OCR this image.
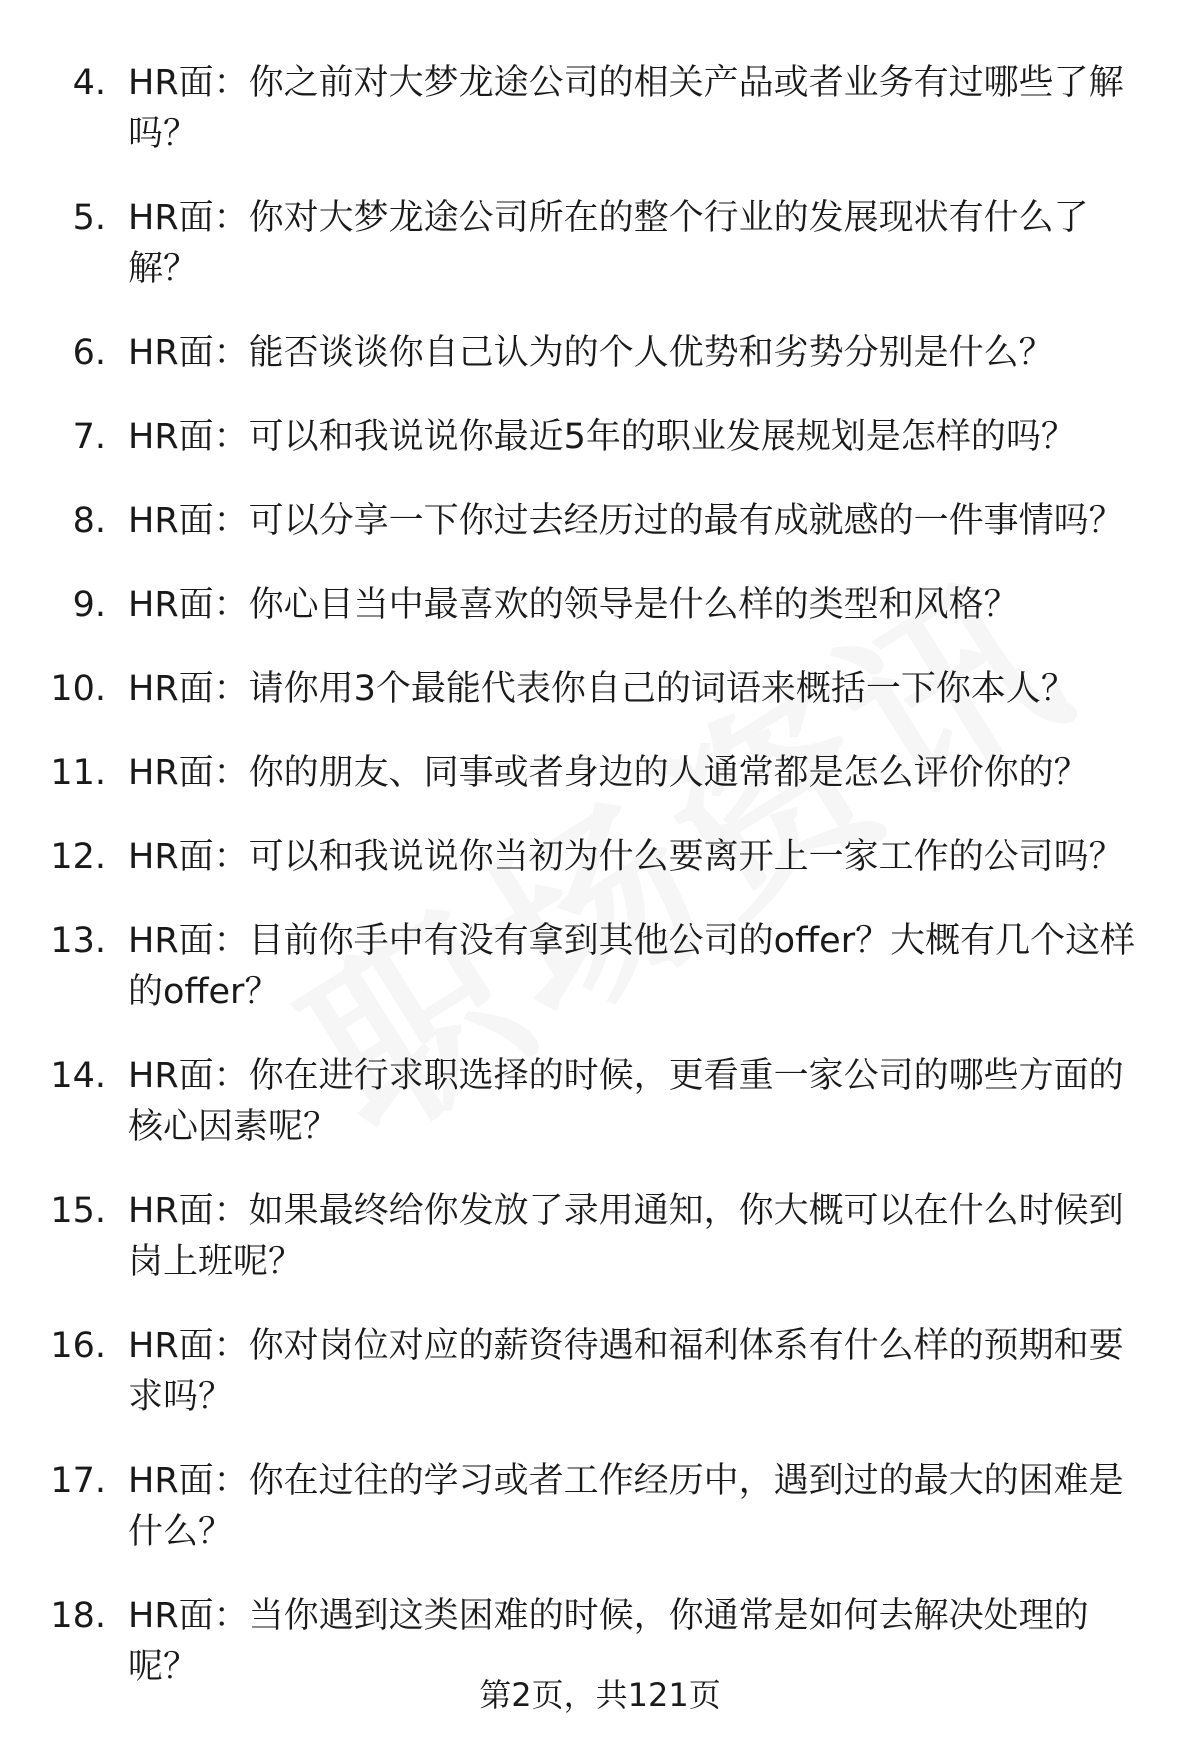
4. HR面：你之前对大梦龙途公司的相关产品或者业务有过哪些了解吗？
5. HR面：你对大梦龙途公司所在的整个行业的发展现状有什么了解？
6. HR面：能否谈谈你自己认为的个人优势和劣势分别是什么？
7. HR面：可以和我说说你最近5年的职业发展规划是怎样的吗？
8. HR面：可以分享一下你过去经历过的最有成就感的一件事情吗？
9. HR面：你心目当中最喜欢的领导是什么样的类型和风格？
10. HR面：请你用3个最能代表你自己的词语来概括一下你本人？
11. HR面：你的朋友、同事或者身边的人通常都是怎么评价你的？
12. HR面：可以和我说说你当初为什么要离开上一家工作的公司吗？
13. HR面：目前你手中有没有拿到其他公司的offer？大概有几个这样的offer？
14. HR面：你在进行求职选择的时候，更看重一家公司的哪些方面的核心因素呢？
15. HR面：如果最终给你发放了录用通知，你大概可以在什么时候到岗上班呢？
16. HR面：你对岗位对应的薪资待遇和福利体系有什么样的预期和要求吗？
17. HR面：你在过往的学习或者工作经历中，遇到过的最大的困难是什么？
18. HR面：当你遇到这类困难的时候，你通常是如何去解决处理的呢？
第2页，共121页
